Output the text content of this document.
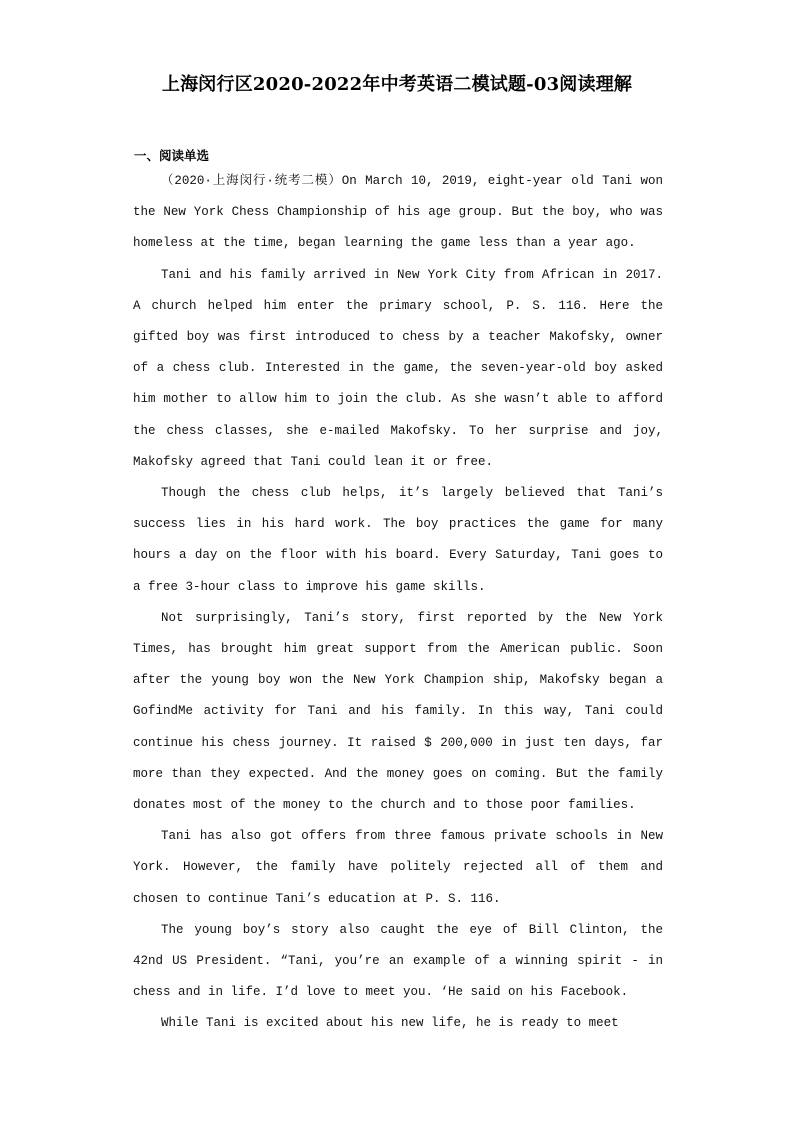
上海闵行区2020-2022年中考英语二模试题-03阅读理解
一、阅读单选

（2020·上海闵行·统考二模）On March 10, 2019, eight-year old Tani won the New York Chess Championship of his age group. But the boy, who was homeless at the time, began learning the game less than a year ago.

Tani and his family arrived in New York City from African in 2017. A church helped him enter the primary school, P. S. 116. Here the gifted boy was first introduced to chess by a teacher Makofsky, owner of a chess club. Interested in the game, the seven-year-old boy asked him mother to allow him to join the club. As she wasn’t able to afford the chess classes, she e-mailed Makofsky. To her surprise and joy, Makofsky agreed that Tani could lean it or free.

Though the chess club helps, it’s largely believed that Tani’s success lies in his hard work. The boy practices the game for many hours a day on the floor with his board. Every Saturday, Tani goes to a free 3-hour class to improve his game skills.

Not surprisingly, Tani’s story, first reported by the New York Times, has brought him great support from the American public. Soon after the young boy won the New York Champion ship, Makofsky began a GofindMe activity for Tani and his family. In this way, Tani could continue his chess journey. It raised $ 200,000 in just ten days, far more than they expected. And the money goes on coming. But the family donates most of the money to the church and to those poor families.

Tani has also got offers from three famous private schools in New York. However, the family have politely rejected all of them and chosen to continue Tani’s education at P. S. 116.

The young boy’s story also caught the eye of Bill Clinton, the 42nd US President. “Tani, you’re an example of a winning spirit - in chess and in life. I’d love to meet you. ‘He said on his Facebook.

While Tani is excited about his new life, he is ready to meet
